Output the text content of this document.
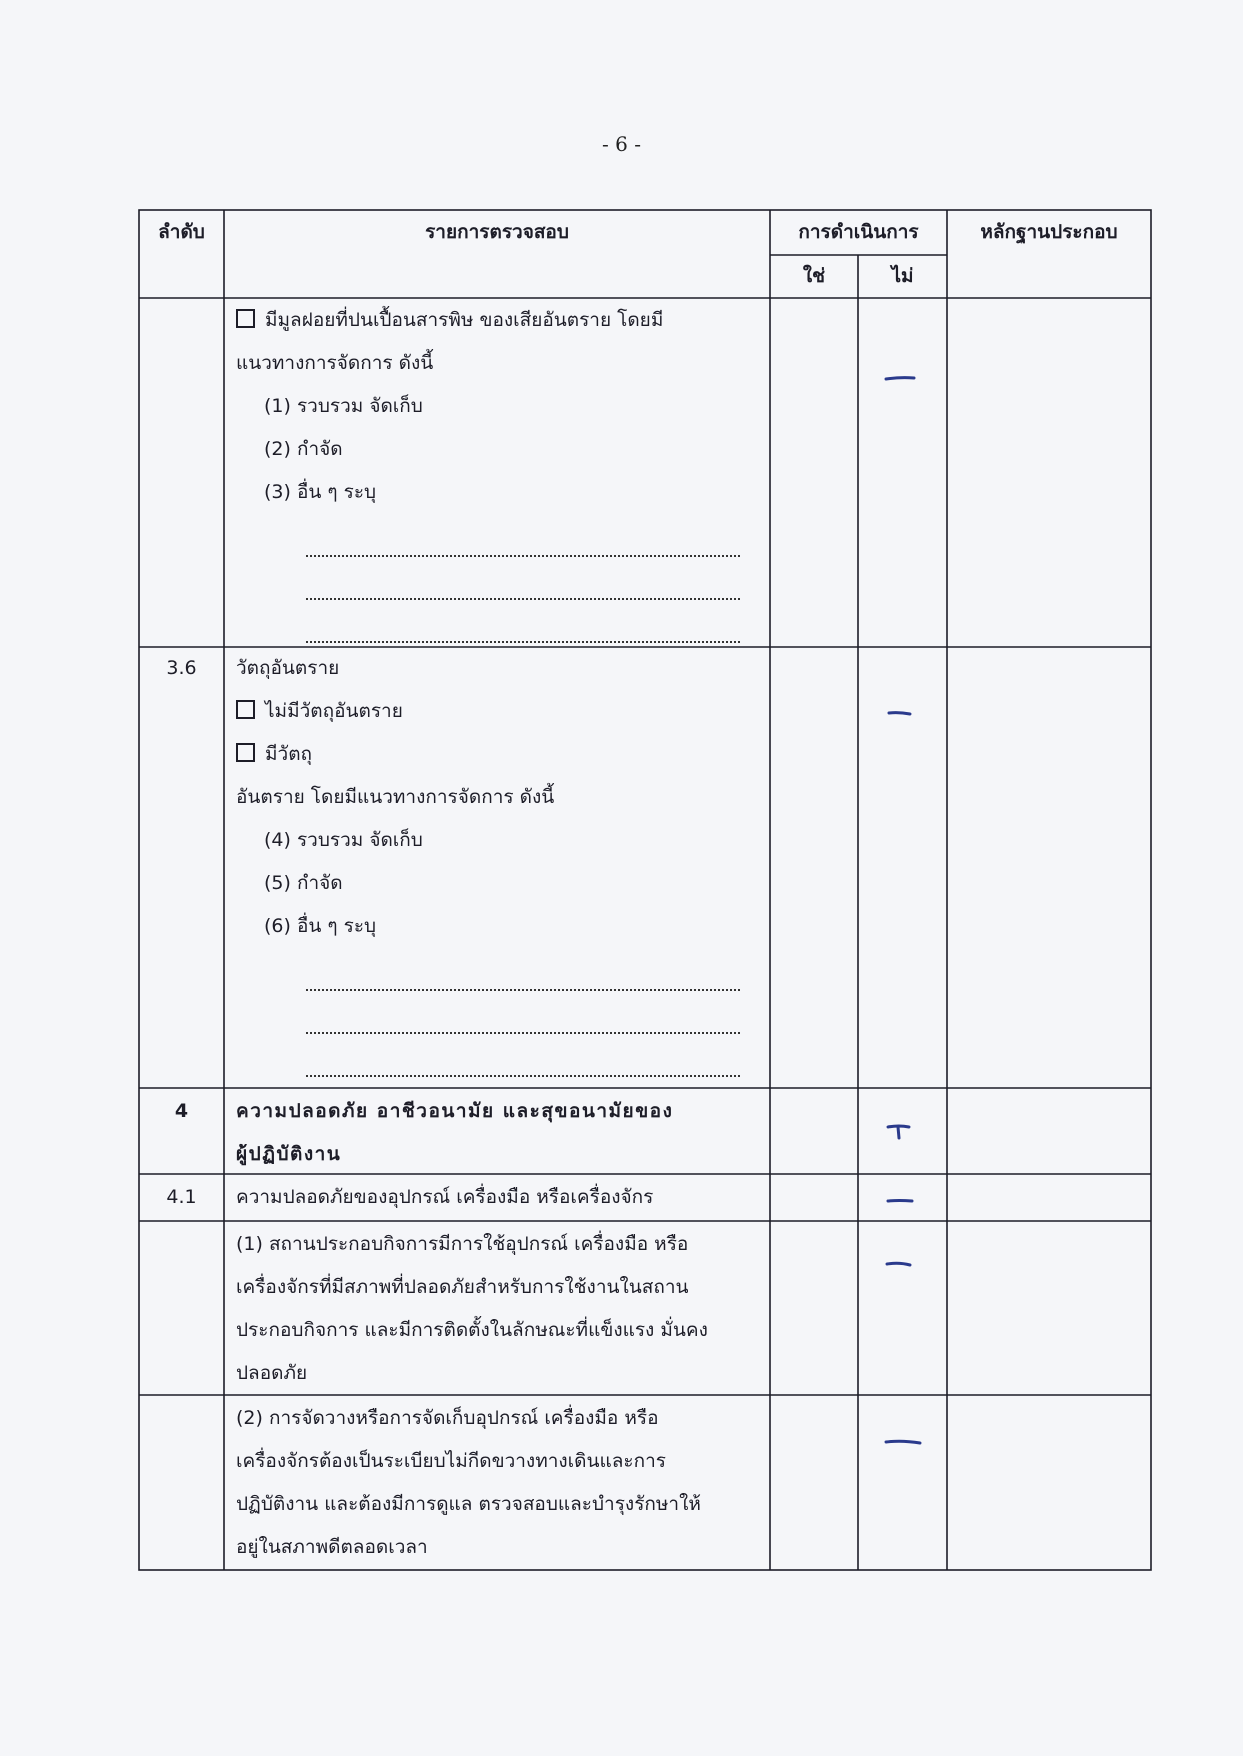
- 6 -
ลำดับ	รายการตรวจสอบ	การดำเนินการ
ใช่	ไม่
หลักฐานประกอบ
มีมูลฝอยที่ปนเปื้อนสารพิษ ของเสียอันตราย โดยมี
แนวทางการจัดการ ดังนี้
(1) รวบรวม จัดเก็บ
(2) กำจัด
(3) อื่น ๆ ระบุ
3.6	วัตถุอันตราย
ไม่มีวัตถุอันตราย
มีวัตถุ
อันตราย โดยมีแนวทางการจัดการ ดังนี้
(4) รวบรวม จัดเก็บ
(5) กำจัด
(6) อื่น ๆ ระบุ
4	ความปลอดภัย อาชีวอนามัย และสุขอนามัยของ
ผู้ปฏิบัติงาน
4.1	ความปลอดภัยของอุปกรณ์ เครื่องมือ หรือเครื่องจักร
(1) สถานประกอบกิจการมีการใช้อุปกรณ์ เครื่องมือ หรือ
เครื่องจักรที่มีสภาพที่ปลอดภัยสำหรับการใช้งานในสถาน
ประกอบกิจการ และมีการติดตั้งในลักษณะที่แข็งแรง มั่นคง
ปลอดภัย
(2) การจัดวางหรือการจัดเก็บอุปกรณ์ เครื่องมือ หรือ
เครื่องจักรต้องเป็นระเบียบไม่กีดขวางทางเดินและการ
ปฏิบัติงาน และต้องมีการดูแล ตรวจสอบและบำรุงรักษาให้
อยู่ในสภาพดีตลอดเวลา
